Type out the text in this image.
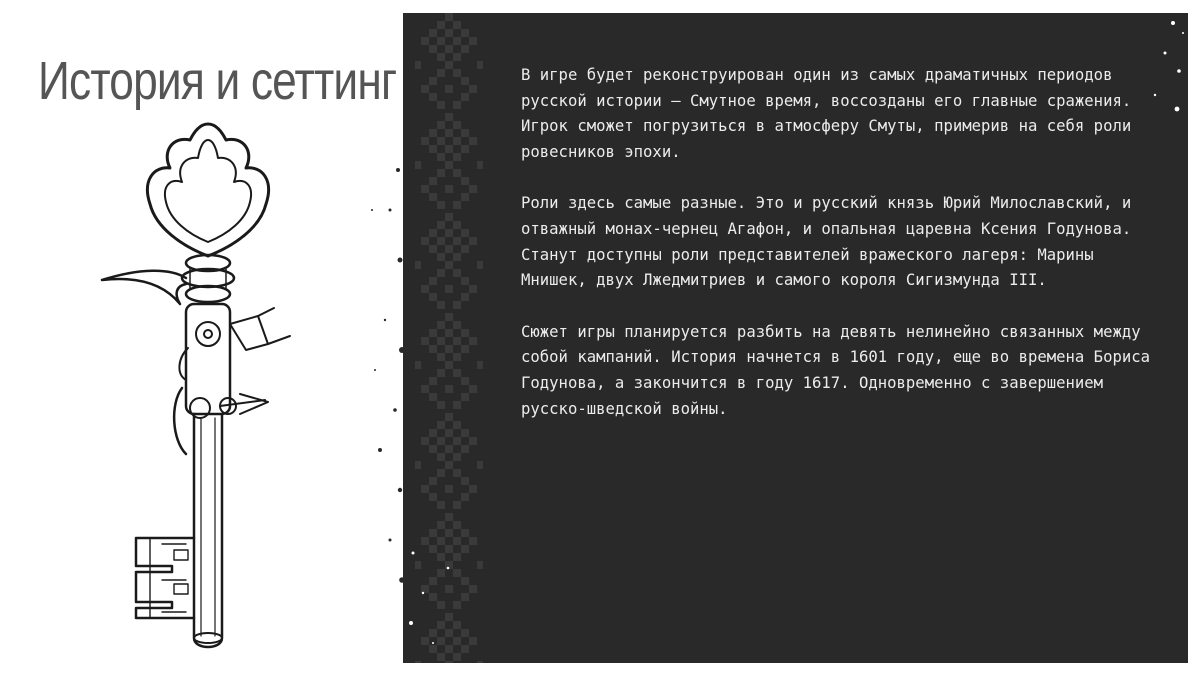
История и сеттинг	В игре будет реконструирован один из самых драматичных периодов русской истории – Смутное время, воссозданы его главные сражения. Игрок сможет погрузиться в атмосферу Смуты, примерив на себя роли ровесников эпохи.

Роли здесь самые разные. Это и русский князь Юрий Милославский, и отважный монах-чернец Агафон, и опальная царевна Ксения Годунова. Станут доступны роли представителей вражеского лагеря: Марины Мнишек, двух Лжедмитриев и самого короля Сигизмунда III.

Сюжет игры планируется разбить на девять нелинейно связанных между собой кампаний. История начнется в 1601 году, еще во времена Бориса Годунова, а закончится в году 1617. Одновременно с завершением русско-шведской войны.
